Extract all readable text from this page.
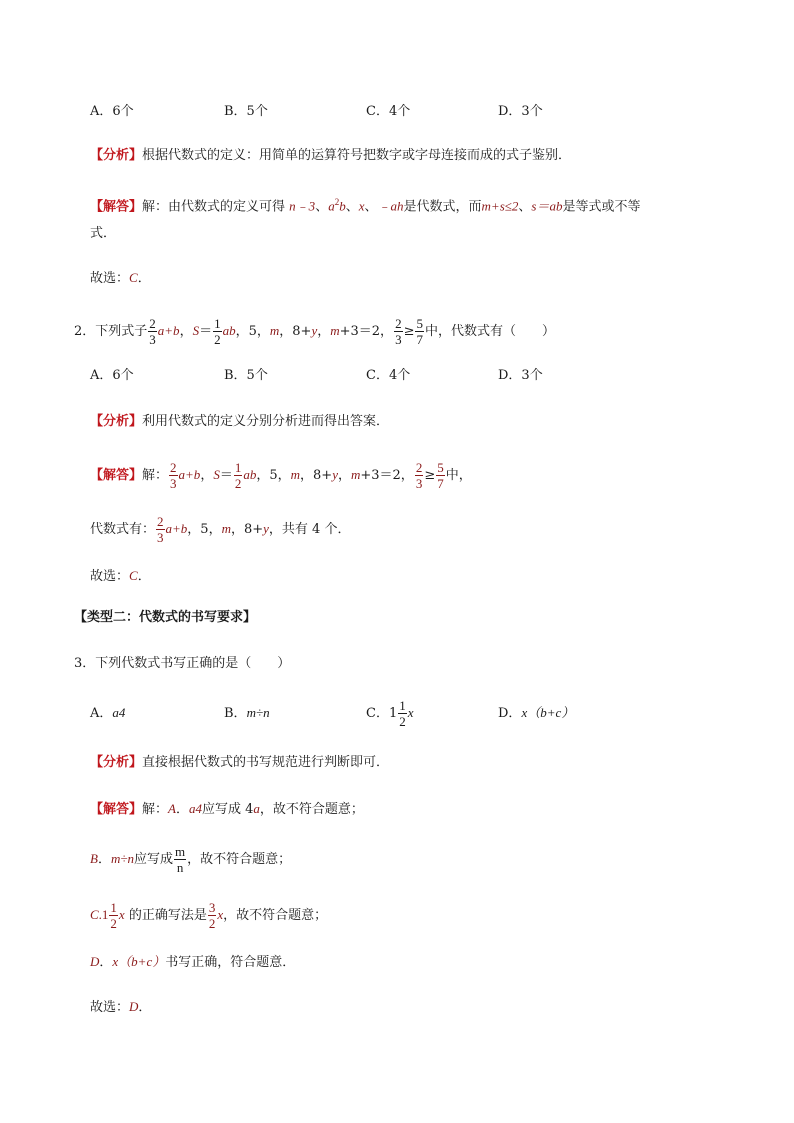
A．6个	B．5个	C．4个	D．3个
【分析】根据代数式的定义：用简单的运算符号把数字或字母连接而成的式子鉴别．
【解答】解：由代数式的定义可得 n﹣3、$a^2b$、x、﹣ah是代数式，而m+s≤2、s＝ab是等式或不等
式．
故选：C．
2．下列式子 $\frac{2}{3} a+b$，$S= \frac{1}{2}$ ab，5，m，8+y，m+3＝2， $\frac{2}{3} \ge \frac{5}{7}$ 中，代数式有（　　）
A．6个	B．5个	C．4个	D．3个
【分析】利用代数式的定义分别分析进而得出答案．
【解答】解： $\frac{2}{3} a+b$，$S= \frac{1}{2}$ ab，5，m，8+y，m+3＝2， $\frac{2}{3} \ge \frac{5}{7}$ 中，
代数式有： $\frac{2}{3} a+b$，5，m，8+y，共有 4 个．
故选：C．
【类型二：代数式的书写要求】
3．下列代数式书写正确的是（　　）
A．a4	B．m÷n	C．$1 \frac{1}{2}$ x	D．x（b+c）
【分析】直接根据代数式的书写规范进行判断即可．
【解答】解：A．a4应写成 4a，故不符合题意；
B．m÷n应写成 $\frac{m}{n}$ ，故不符合题意；
$C.1 \frac{1}{2}$ x 的正确写法是 $\frac{3}{2}$ x，故不符合题意；
D．x（b+c）书写正确，符合题意．
故选：D．
